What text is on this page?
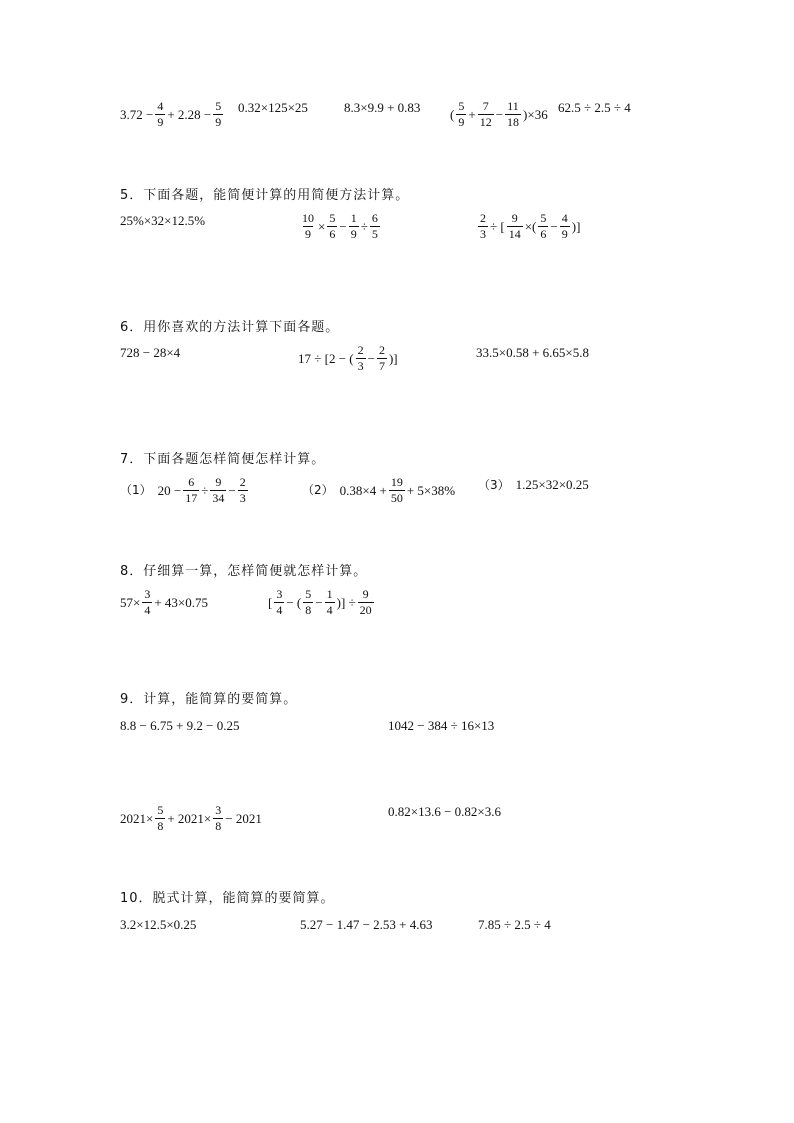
$3.72 - \frac{4}{9} + 2.28 - \frac{5}{9} 0.32\times 125\times 25$	8.3×9.9 + 0.83 ( $\frac{5}{9} + \frac{7}{12} - \frac{11}{18} )\times 36$ 62.5 ÷ 2.5 ÷ 4
5．下面各题，能简便计算的用简便方法计算。
25%×32×12.5%	$\frac{10}{9} \times \frac{5}{6} - \frac{1}{9} \div \frac{6}{5}$	$\frac{2}{3}$ ÷ [ $\frac{9}{14}$ ×( $\frac{5}{6} - \frac{4}{9}$ )]
6．用你喜欢的方法计算下面各题。
728 − 28×4	17 ÷ [2 − ( $\frac{2}{3} - \frac{2}{7}$ )]	33.5×0.58 + 6.65×5.8
7．下面各题怎样简便怎样计算。
（1） $20 - \frac{6}{17} \div \frac{9}{34} - \frac{2}{3}$	（2） $0.38\times 4 + \frac{19}{50} + 5\times 38\%$ （3） 1.25×32×0.25
8．仔细算一算，怎样简便就怎样计算。
$57\times \frac{3}{4} + 43\times 0.75$	[ $\frac{3}{4}$ − ( $\frac{5}{8} - \frac{1}{4}$ )] ÷ $\frac{9}{20}$
9．计算，能简算的要简算。
8.8 − 6.75 + 9.2 − 0.25	1042 − 384 ÷ 16×13
$2021\times \frac{5}{8} + 2021\times \frac{3}{8} - 2021$	0.82×13.6 − 0.82×3.6
10．脱式计算，能简算的要简算。
3.2×12.5×0.25	5.27 − 1.47 − 2.53 + 4.63	7.85 ÷ 2.5 ÷ 4
